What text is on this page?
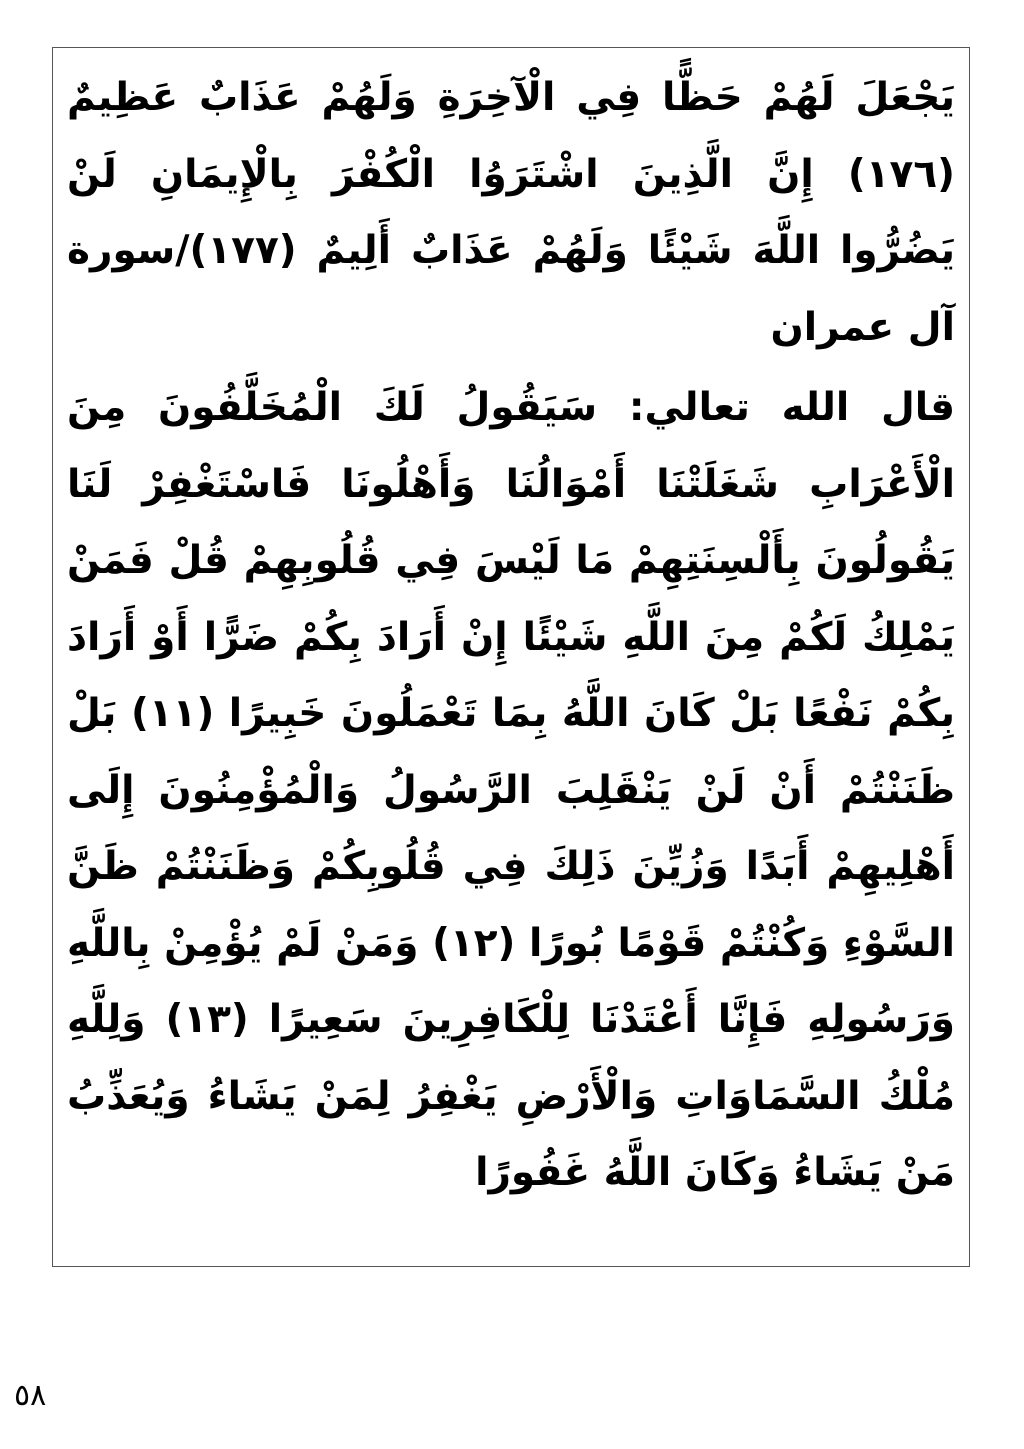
يَجْعَلَ لَهُمْ حَظًّا فِي الْآخِرَةِ وَلَهُمْ عَذَابٌ عَظِيمٌ (١٧٦) إِنَّ الَّذِينَ اشْتَرَوُا الْكُفْرَ بِالْإِيمَانِ لَنْ يَضُرُّوا اللَّهَ شَيْئًا وَلَهُمْ عَذَابٌ أَلِيمٌ (١٧٧)/سورة آل عمران

قال الله تعالي: سَيَقُولُ لَكَ الْمُخَلَّفُونَ مِنَ الْأَعْرَابِ شَغَلَتْنَا أَمْوَالُنَا وَأَهْلُونَا فَاسْتَغْفِرْ لَنَا يَقُولُونَ بِأَلْسِنَتِهِمْ مَا لَيْسَ فِي قُلُوبِهِمْ قُلْ فَمَنْ يَمْلِكُ لَكُمْ مِنَ اللَّهِ شَيْئًا إِنْ أَرَادَ بِكُمْ ضَرًّا أَوْ أَرَادَ بِكُمْ نَفْعًا بَلْ كَانَ اللَّهُ بِمَا تَعْمَلُونَ خَبِيرًا (١١) بَلْ ظَنَنْتُمْ أَنْ لَنْ يَنْقَلِبَ الرَّسُولُ وَالْمُؤْمِنُونَ إِلَى أَهْلِيهِمْ أَبَدًا وَزُيِّنَ ذَلِكَ فِي قُلُوبِكُمْ وَظَنَنْتُمْ ظَنَّ السَّوْءِ وَكُنْتُمْ قَوْمًا بُورًا (١٢) وَمَنْ لَمْ يُؤْمِنْ بِاللَّهِ وَرَسُولِهِ فَإِنَّا أَعْتَدْنَا لِلْكَافِرِينَ سَعِيرًا (١٣) وَلِلَّهِ مُلْكُ السَّمَاوَاتِ وَالْأَرْضِ يَغْفِرُ لِمَنْ يَشَاءُ وَيُعَذِّبُ مَنْ يَشَاءُ وَكَانَ اللَّهُ غَفُورًا

٥٨
